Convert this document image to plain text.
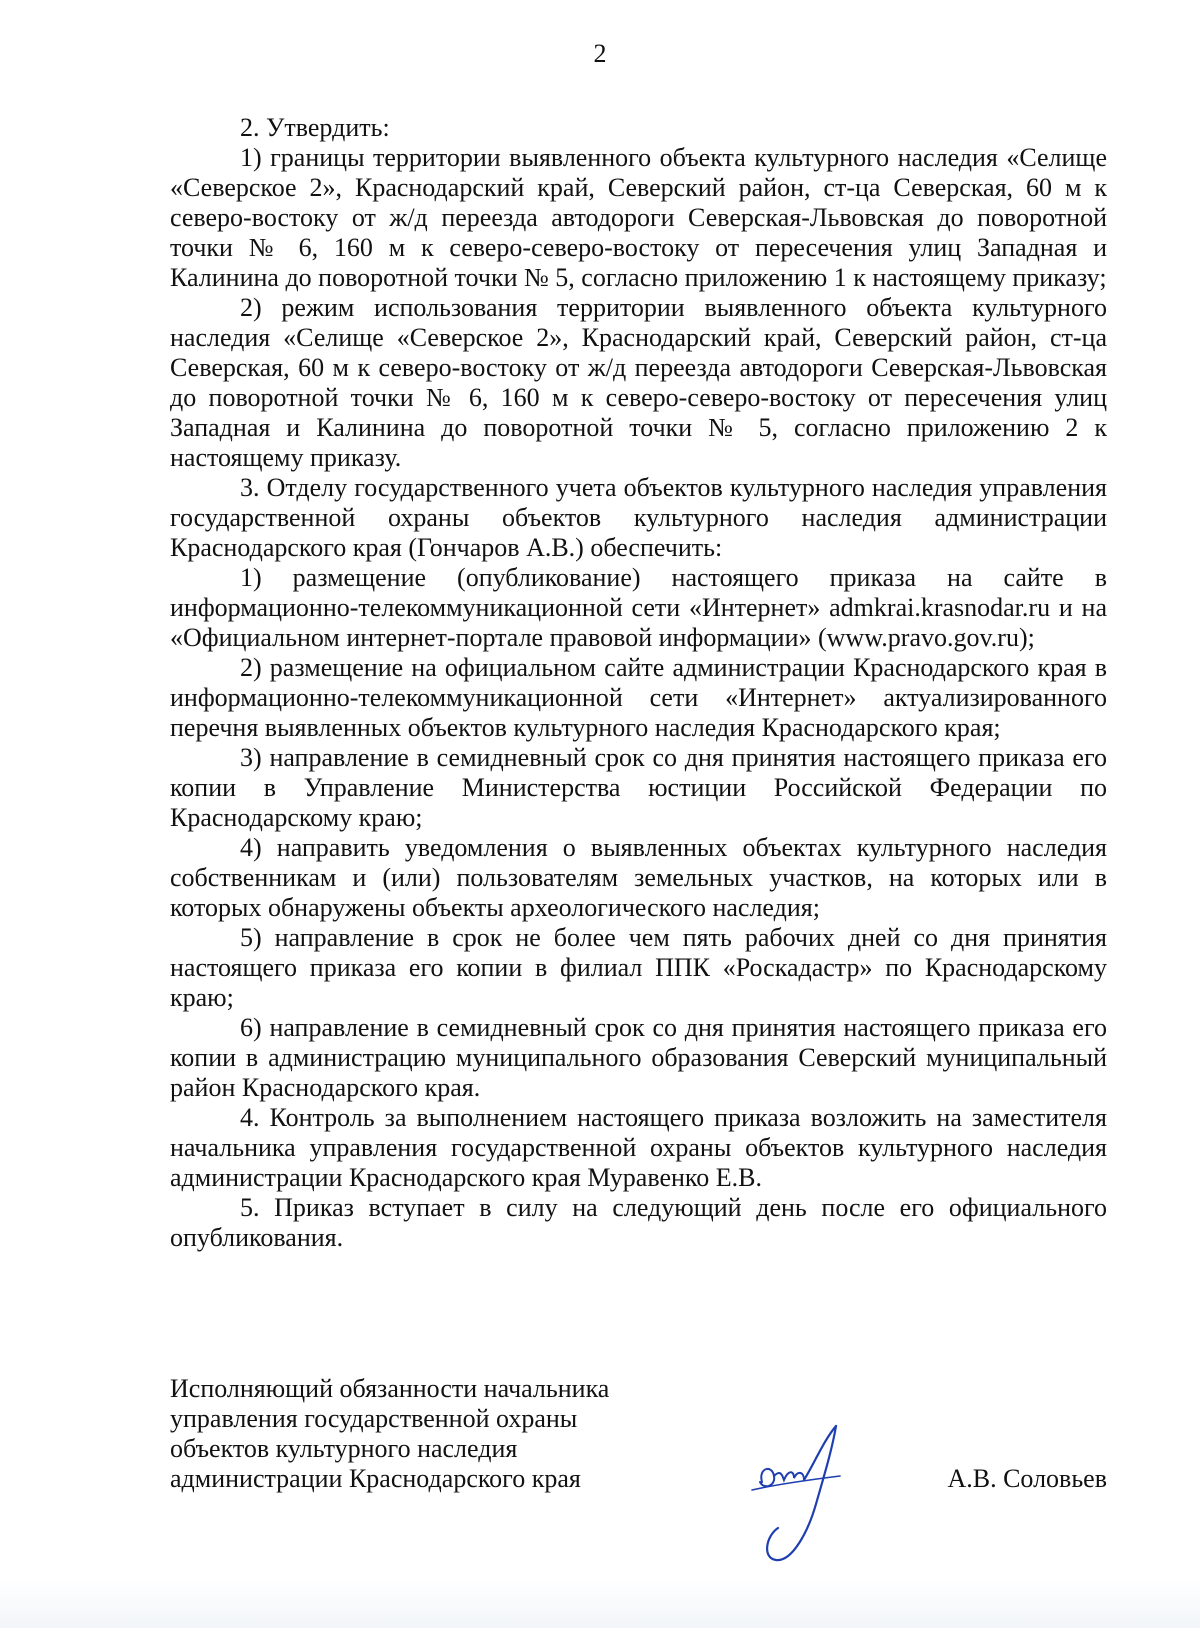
2

2. Утвердить:

1) границы территории выявленного объекта культурного наследия «Селище «Северское 2», Краснодарский край, Северский район, ст-ца Северская, 60 м к северо-востоку от ж/д переезда автодороги Северская-Львовская до поворотной точки № 6, 160 м к северо-северо-востоку от пересечения улиц Западная и Калинина до поворотной точки № 5, согласно приложению 1 к настоящему приказу;

2) режим использования территории выявленного объекта культурного наследия «Селище «Северское 2», Краснодарский край, Северский район, ст-ца Северская, 60 м к северо-востоку от ж/д переезда автодороги Северская-Львовская до поворотной точки № 6, 160 м к северо-северо-востоку от пересечения улиц Западная и Калинина до поворотной точки № 5, согласно приложению 2 к настоящему приказу.

3. Отделу государственного учета объектов культурного наследия управления государственной охраны объектов культурного наследия администрации Краснодарского края (Гончаров А.В.) обеспечить:

1) размещение (опубликование) настоящего приказа на сайте в информационно-телекоммуникационной сети «Интернет» admkrai.krasnodar.ru и на «Официальном интернет-портале правовой информации» (www.pravo.gov.ru);

2) размещение на официальном сайте администрации Краснодарского края в информационно-телекоммуникационной сети «Интернет» актуализированного перечня выявленных объектов культурного наследия Краснодарского края;

3) направление в семидневный срок со дня принятия настоящего приказа его копии в Управление Министерства юстиции Российской Федерации по Краснодарскому краю;

4) направить уведомления о выявленных объектах культурного наследия собственникам и (или) пользователям земельных участков, на которых или в которых обнаружены объекты археологического наследия;

5) направление в срок не более чем пять рабочих дней со дня принятия настоящего приказа его копии в филиал ППК «Роскадастр» по Краснодарскому краю;

6) направление в семидневный срок со дня принятия настоящего приказа его копии в администрацию муниципального образования Северский муниципальный район Краснодарского края.

4. Контроль за выполнением настоящего приказа возложить на заместителя начальника управления государственной охраны объектов культурного наследия администрации Краснодарского края Муравенко Е.В.

5. Приказ вступает в силу на следующий день после его официального опубликования.

Исполняющий обязанности начальника
управления государственной охраны
объектов культурного наследия
администрации Краснодарского края	А.В. Соловьев
